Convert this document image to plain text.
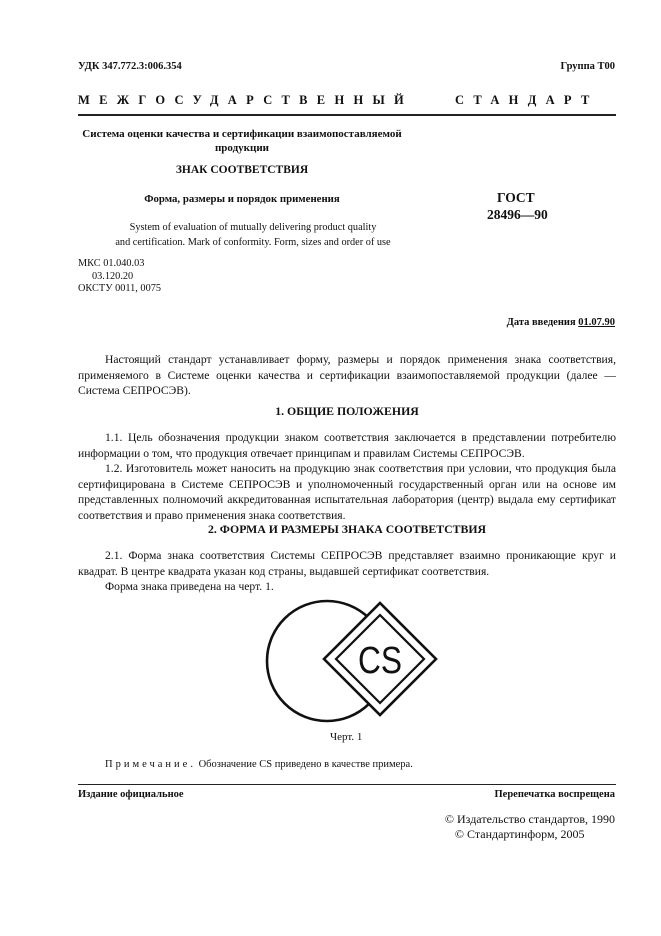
УДК 347.772.3:006.354	Группа Т00
МЕЖГОСУДАРСТВЕННЫЙ	СТАНДАРТ
Система оценки качества и сертификации взаимопоставляемой
продукции
ЗНАК СООТВЕТСТВИЯ
Форма, размеры и порядок применения
System of evaluation of mutually delivering product quality
and certification. Mark of conformity. Form, sizes and order of use
ГОСТ
28496—90
МКС 01.040.03
03.120.20
ОКСТУ 0011, 0075
Дата введения 01.07.90
Настоящий стандарт устанавливает форму, размеры и порядок применения знака соответствия, применяемого в Системе оценки качества и сертификации взаимопоставляемой продукции (далее — Система СЕПРОСЭВ).
1. ОБЩИЕ ПОЛОЖЕНИЯ
1.1. Цель обозначения продукции знаком соответствия заключается в представлении потребителю информации о том, что продукция отвечает принципам и правилам Системы СЕПРОСЭВ.
1.2. Изготовитель может наносить на продукцию знак соответствия при условии, что продукция была сертифицирована в Системе СЕПРОСЭВ и уполномоченный государственный орган или на основе им представленных полномочий аккредитованная испытательная лаборатория (центр) выдала ему сертификат соответствия и право применения знака соответствия.
2. ФОРМА И РАЗМЕРЫ ЗНАКА СООТВЕТСТВИЯ
2.1. Форма знака соответствия Системы СЕПРОСЭВ представляет взаимно проникающие круг и квадрат. В центре квадрата указан код страны, выдавшей сертификат соответствия.
Форма знака приведена на черт. 1.
CS
Черт. 1
Примечание. Обозначение CS приведено в качестве примера.
Издание официальное	Перепечатка воспрещена
© Издательство стандартов, 1990
© Стандартинформ, 2005
